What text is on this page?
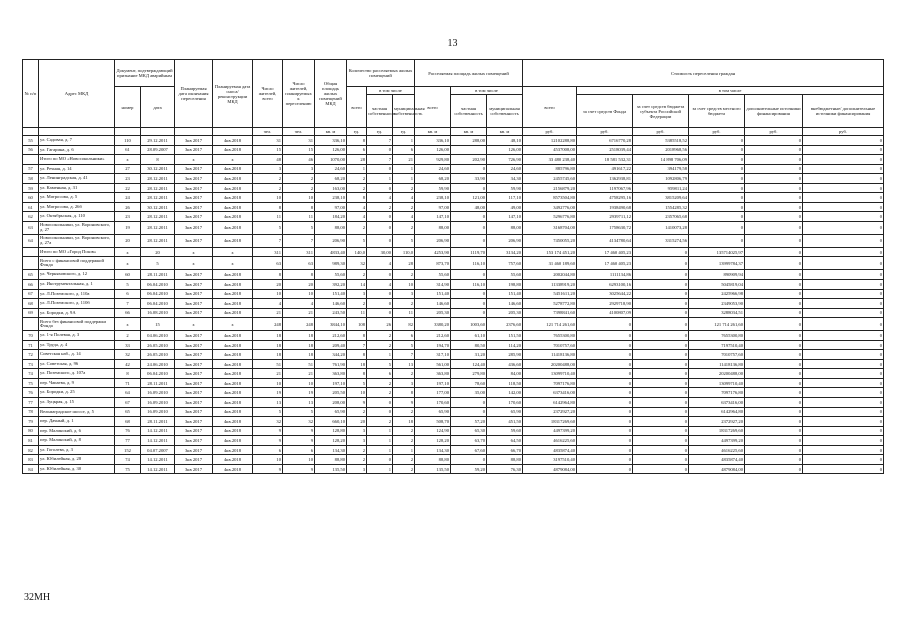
13
№ п/п	Адрес МКД	Документ, подтверждающий признание МКД аварийным		Планируемая дата окончания переселения	Планируемая дата сноса/ реконструкции МКД	Число жителей, всего	Число жителей, планируемых к переселению	Общая площадь жилых помещений МКД	Количество расселяемых жилых помещений			Расселяемая площадь жилых помещений			Стоимость переселения граждан					
		номер	дата						всего	в том числе		всего	в том числе		всего	в том числе				
										частная собственность	муниципальная собственность		частная собственность	муниципальная собственность		за счет средств Фонда	за счет средств бюджета субъекта Российской Федерации	за счет средств местного бюджета	дополнительные источники финансирования	внебюджетные/ дополнительные источники финансирования
						чел.	чел.	кв. м	ед.	ед.	ед.	кв. м	кв. м	кв. м	руб.	руб.	руб.	руб.	руб.	руб.
55	ул. Садовая, д. 7	110	29.12.2011	3кв 2017	4кв.2018	31	31	336,10	8	7	1	336,10	288,00	48,10	12102288,80	6716770,28	5385518,52	0	0	0
56	ул. Гагарина, д. 6	61	28.09.2007	3кв 2017	4кв.2018	15	15	126,00	6	0	6	126,00		126,00	4537008,00	2518039,44	2018968,56	0	0	0
	Итого по МО «Новосокольники»	x	8	x	x	48	46	1070,00	28	7	21	929,80	202,90	726,90	33 480 238,40	18 581 532,31	14 898 706,09	0	0	0
57	ул. Речная, д. 14	27	30.12.2011	3кв 2017	4кв.2018	3	3	24,60	1	0	1	24,60	0	24,60	885796,80	491617,22	394179,58	0	0	0
58	ул. Ленинградская, д. 41	23	28.12.2011	3кв 2017	4кв.2018	2	2	68,20	2	1	1	68,20	33,90	34,30	2455745,60	1362938,81	1092806,79	0	0	0
59	ул. Каменная, д. 31	22	28.12.2011	3кв 2017	4кв.2018	2	2	163,00	2	0	2	59,90	0	59,90	2156879,20	1197067,96	959811,24	0	0	0
60	ул. Матросова, д. 5	24	28.12.2011	3кв 2017	4кв.2018	10	10	238,10	8	4	4	238,10	121,00	117,10	8573504,80	4758295,16	3815209,64	0	0	0
61	ул. Матросова, д. 26б	26	30.12.2011	3кв 2017	4кв.2018	8	8	97,00	4	2	2	97,00	48,00	49,00	3492776,00	1938490,68	1554285,32	0	0	0
62	ул. Октябрьская, д. 110	23	28.12.2011	3кв 2017	4кв.2018	11	11	184,20	4	0	4	147,10	0	147,10	5296776,80	2939711,12	2357065,68	0	0	0
63	Новосокольники, ул. Вороновского, д. 27	19	28.12.2011	3кв 2017	4кв.2018	5	5	88,00	2	0	2	88,00	0	88,00	3168704,00	1758630,72	1410073,28	0	0	0
64	Новосокольники, ул. Вороновского, д. 27а	20	28.12.2011	3кв 2017	4кв.2018	7	7	206,90	5	0	5	206,90	0	206,90	7450055,20	4134780,64	3315274,56	0	0	0
	Итого по МО «Город Псков»	x	20	x	x	311	311	4833,40	140,0	30,00	110,0	4253,90	1119,70	3134,20	153 174 451,20	17 460 405,23	0	135714025,97	0	0
	Всего с финансовой поддержкой Фонда	x	5	x	x	63	63	989,30	32	4	28	873,70	116,10	757,60	31 460 189,60	17 460 405,23	0	13999784,37	0	0
65	ул. Черняховского, д. 12	60	28.11.2011	3кв 2017	4кв.2018	8	8	55,60	2	0	2	55,60	0	55,60	2002044,80	1111134,86	0	890909,94	0	0
66	ул. Инструментальная, д. 1	5	06.04.2010	3кв 2017	4кв.2018	20	20	392,20	14	4	10	314,90	116,10	198,80	11338919,20	6293100,16	0	5045819,04	0	0
67	ул. Л.Поземского, д. 110а	6	06.04.2010	3кв 2017	4кв.2018	10	10	151,40	3	0	3	151,40	0	151,40	5451611,20	3025644,22	0	2425966,98	0	0
68	ул. Л.Поземского, д. 110б	7	06.04.2010	3кв 2017	4кв.2018	4	4	146,60	2	0	2	146,60	0	146,60	5278772,80	2929718,90	0	2349053,90	0	0
69	ул. Бородки, д. 9А	66	16.08.2010	3кв 2017	4кв.2018	21	21	243,50	11	0	11	205,30	0	205,30	7398841,60	4100807,09	0	3288034,51	0	0
	Всего без финансовой поддержки Фонда	x	15	x	x	248	248	3844,10	108	26	82	3380,20	1003,60	2376,60	121 714 261,60	0	0	121 714 261,60	0	0
70	ул. 1-я Полевая, д. 3	2	04.06.2010	3кв 2017	4кв.2018	18	18	212,60	8	2	6	212,60	61,10	151,50	7655300,80	0	0	7655300,80	0	0
71	ул. Труда, д. 4	33	26.05.2010	3кв 2017	4кв.2018	18	18	209,40	7	2	5	194,70	80,50	114,20	7010757,60	0	0	7197510,40	0	0
72	Советская наб., д. 14	32	26.05.2010	3кв 2017	4кв.2018	18	18	344,20	8	1	7	317,10	31,20	285,90	11418136,80	0	0	7010757,60	0	0
73	ул. Советская, д. 96	42	24.06.2010	3кв 2017	4кв.2018	51	51	761,90	18	5	13	561,00	124,40	436,60	20200488,00	0	0	11418136,80	0	0
74	ул. Поземского, д. 107а	8	06.04.2010	3кв 2017	4кв.2018	21	21	363,80	8	6	2	363,80	279,80	84,00	13099710,40	0	0	20200488,00	0	0
75	пер. Чапаева, д. 9	71	28.11.2011	3кв 2017	4кв.2018	10	10	197,10	5	2	3	197,10	78,60	118,50	7097176,80	0	0	13099710,40	0	0
76	ул. Бородки, д. 25	64	16.09.2010	3кв 2017	4кв.2018	19	19	205,50	10	2	8	177,00	35,00	142,00	6373416,00	0	0	7097176,80	0	0
77	ул. Зуцкрая, д. 15	67	16.09.2010	3кв 2017	4кв.2018	13	13	208,00	9	0	9	170,60	0	170,60	6142964,80	0	0	6373416,00	0	0
78	Вельмаградское шоссе, д. 5	65	16.09.2010	3кв 2017	4кв.2018	5	5	65,90	2	0	2	65,90	0	65,90	2372927,20	0	0	6142964,80	0	0
79	пер. Дачный, д. 1	68	28.11.2011	3кв 2017	4кв.2018	32	32	660,10	20	2	18	508,70	57,20	451,50	18317269,60	0	0	2372927,20	0	0
80	пер. Малинский, д. 6	76	14.12.2011	3кв 2017	4кв.2018	9	9	128,80	3	1	2	124,90	65,30	59,60	4497399,20	0	0	18317269,60	0	0
81	пер. Малинский, д. 8	77	14.12.2011	3кв 2017	4кв.2018	9	9	128,20	3	1	2	128,20	63,70	64,50	4616225,60	0	0	4497399,20	0	0
82	ул. Гоголева, д. 3	152	04.07.2007	3кв 2017	4кв.2018	6	6	134,30	2	1	1	134,30	67,60	66,70	4835874,40	0	0	4616225,60	0	0
83	ул. Юбилейная, д. 28	74	14.12.2011	3кв 2017	4кв.2018	10	10	88,80	2	0	2	88,80	0	88,80	3197510,40	0	0	4835874,40	0	0
84	ул. Юбилейная, д. 30	75	14.12.2011	3кв 2017	4кв.2018	9	9	135,50	3	1	2	135,50	59,20	76,30	4879084,00	0	0	4879084,00	0	0
32МН
